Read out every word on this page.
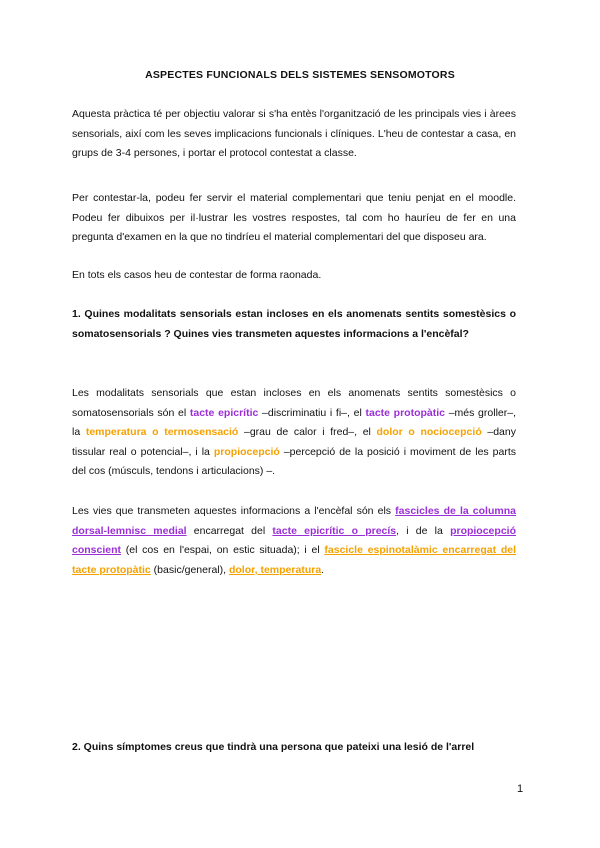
ASPECTES FUNCIONALS DELS SISTEMES SENSOMOTORS
Aquesta pràctica té per objectiu valorar si s'ha entès l'organització de les principals vies i àrees sensorials, així com les seves implicacions funcionals i clíniques. L'heu de contestar a casa, en grups de 3-4 persones, i portar el protocol contestat a classe.
Per contestar-la, podeu fer servir el material complementari que teniu penjat en el moodle. Podeu fer dibuixos per il·lustrar les vostres respostes, tal com ho hauríeu de fer en una pregunta d'examen en la que no tindríeu el material complementari del que disposeu ara.
En tots els casos heu de contestar de forma raonada.
1. Quines modalitats sensorials estan incloses en els anomenats sentits somestèsics o somatosensorials ? Quines vies transmeten aquestes informacions a l'encèfal?
Les modalitats sensorials que estan incloses en els anomenats sentits somestèsics o somatosensorials són el tacte epicrític –discriminatiu i fi–, el tacte protopàtic –més groller–, la temperatura o termosensació –grau de calor i fred–, el dolor o nociocepció –dany tissular real o potencial–, i la propiocepció –percepció de la posició i moviment de les parts del cos (músculs, tendons i articulacions) –.
Les vies que transmeten aquestes informacions a l'encèfal són els fascicles de la columna dorsal-lemnisc medial encarregat del tacte epicrític o precís, i de la propiocepció conscient (el cos en l'espai, on estic situada); i el fascicle espinotalàmic encarregat del tacte protopàtic (basic/general), dolor, temperatura.
2. Quins símptomes creus que tindrà una persona que pateixi una lesió de l'arrel
1
